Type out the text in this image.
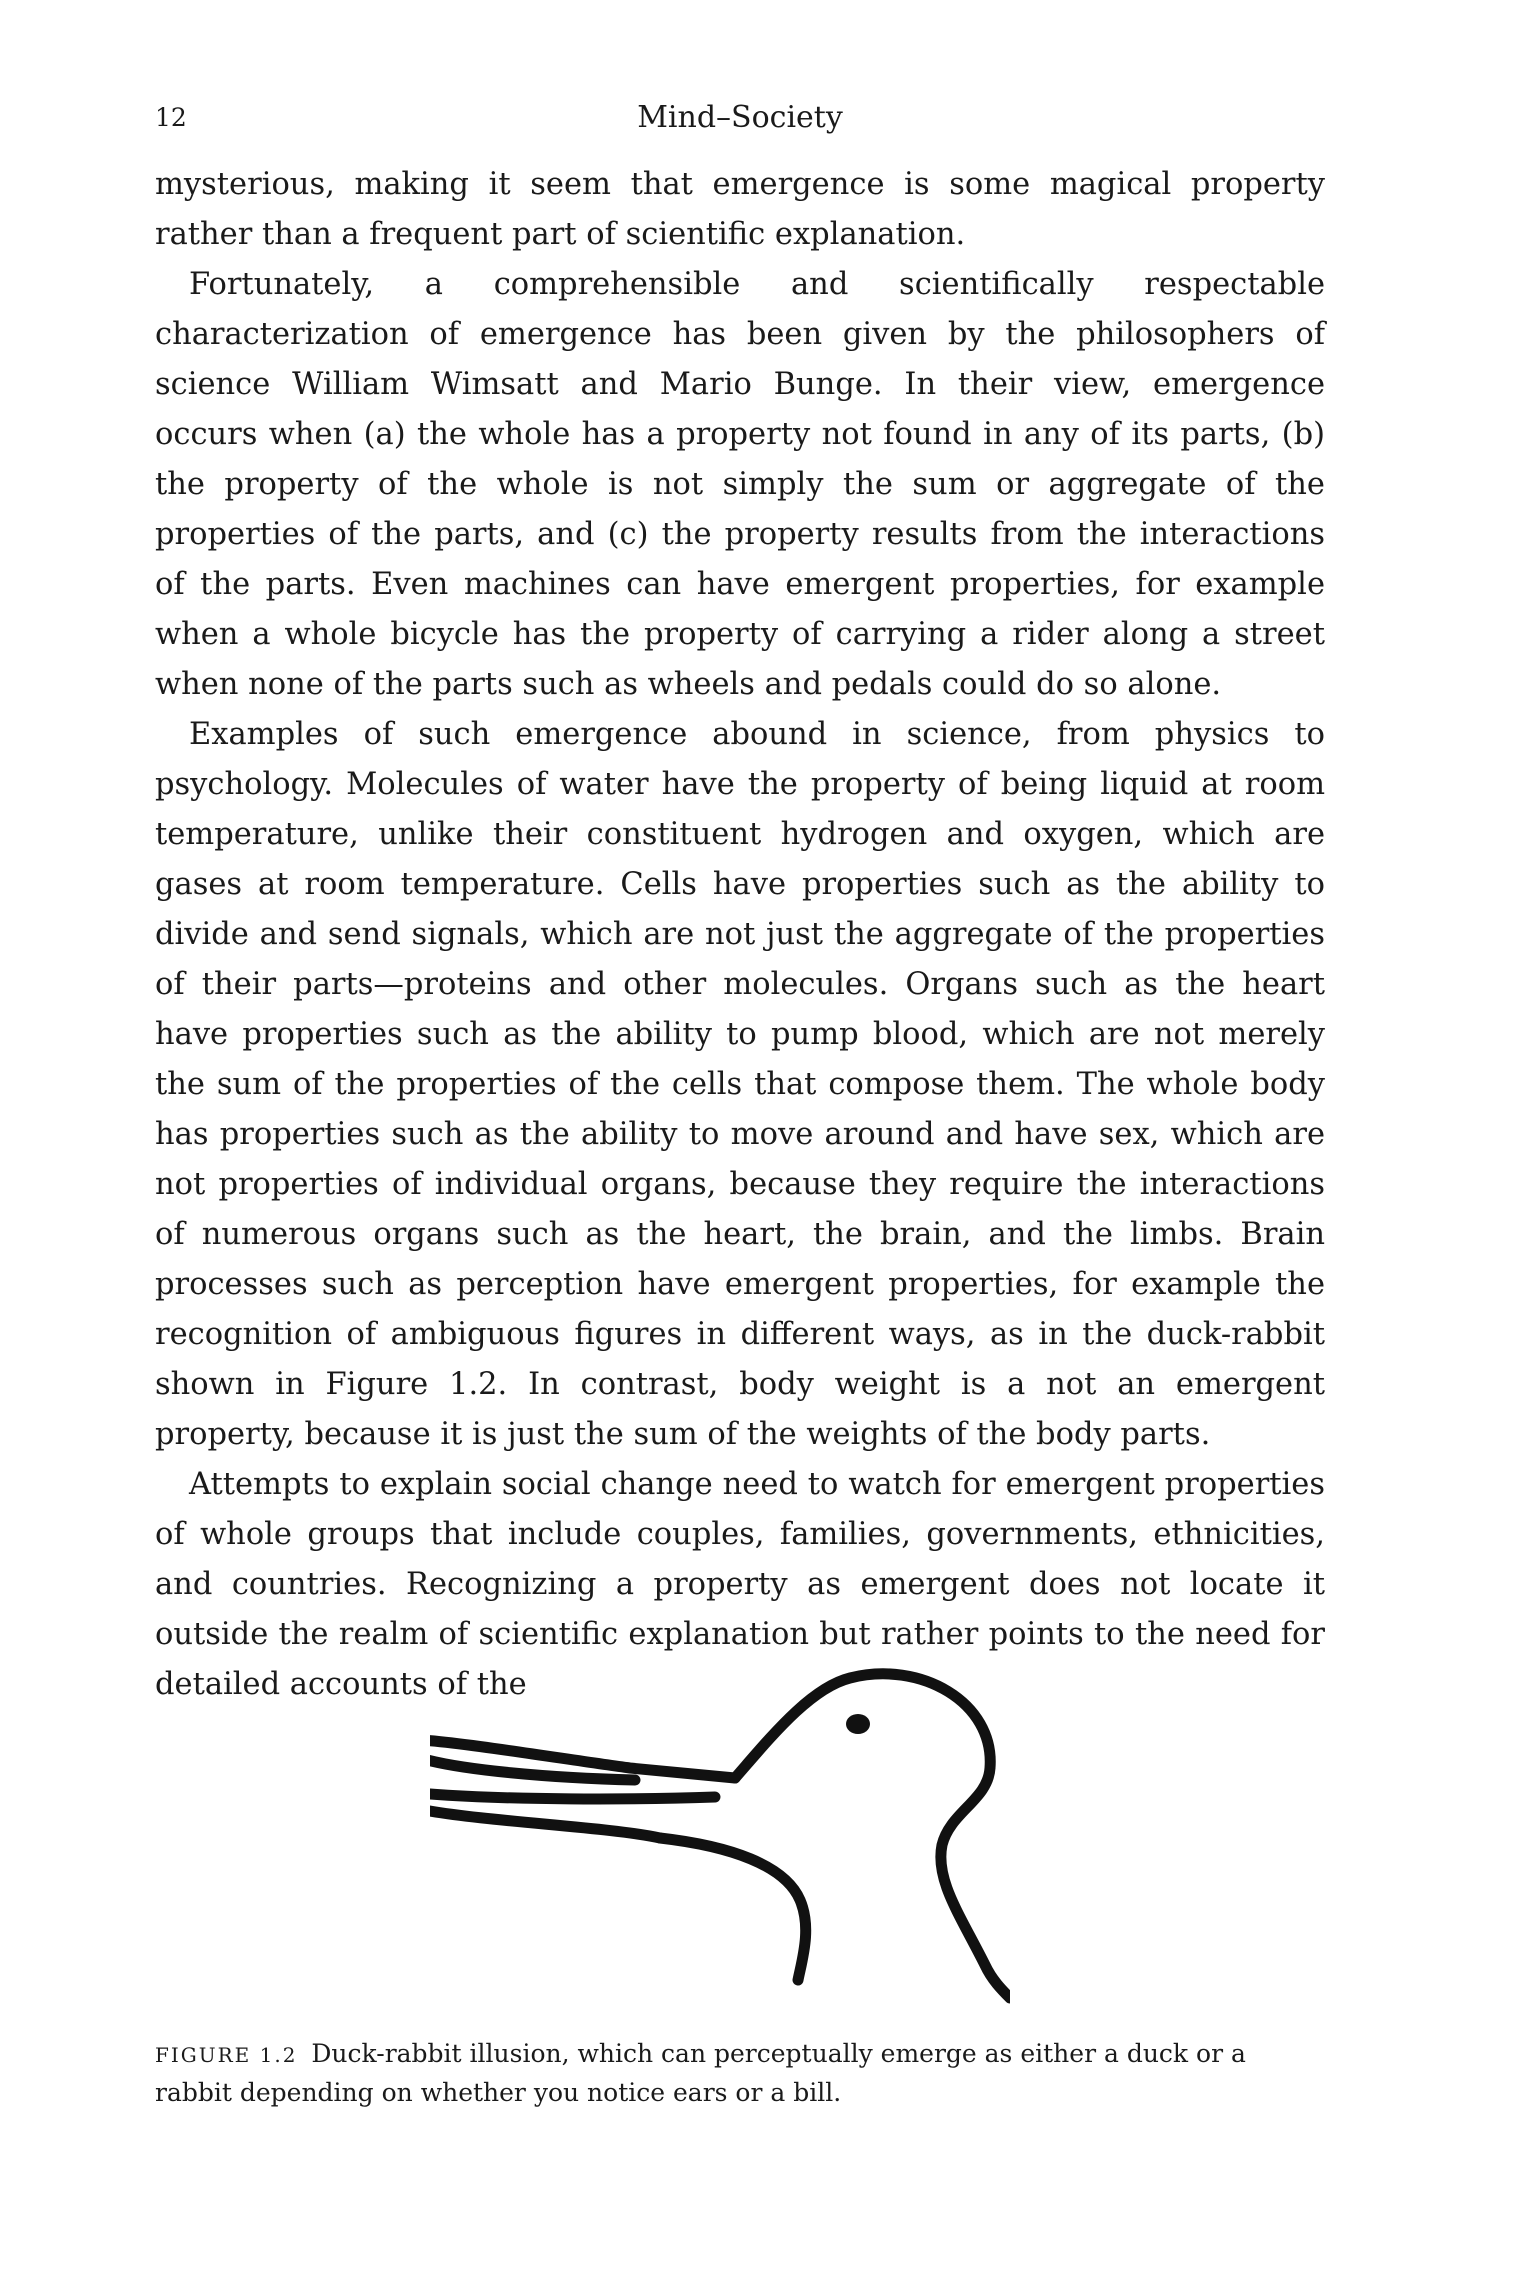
12	Mind–Society

mysterious, making it seem that emergence is some magical property rather than a frequent part of scientific explanation.

Fortunately, a comprehensible and scientifically respectable characterization of emergence has been given by the philosophers of science William Wimsatt and Mario Bunge. In their view, emergence occurs when (a) the whole has a property not found in any of its parts, (b) the property of the whole is not simply the sum or aggregate of the properties of the parts, and (c) the property results from the interactions of the parts. Even machines can have emergent properties, for example when a whole bicycle has the property of carrying a rider along a street when none of the parts such as wheels and pedals could do so alone.

Examples of such emergence abound in science, from physics to psychology. Molecules of water have the property of being liquid at room temperature, unlike their constituent hydrogen and oxygen, which are gases at room temperature. Cells have properties such as the ability to divide and send signals, which are not just the aggregate of the properties of their parts—proteins and other molecules. Organs such as the heart have properties such as the ability to pump blood, which are not merely the sum of the properties of the cells that compose them. The whole body has properties such as the ability to move around and have sex, which are not properties of individual organs, because they require the interactions of numerous organs such as the heart, the brain, and the limbs. Brain processes such as perception have emergent properties, for example the recognition of ambiguous figures in different ways, as in the duck-rabbit shown in Figure 1.2. In contrast, body weight is a not an emergent property, because it is just the sum of the weights of the body parts.

Attempts to explain social change need to watch for emergent properties of whole groups that include couples, families, governments, ethnicities, and countries. Recognizing a property as emergent does not locate it outside the realm of scientific explanation but rather points to the need for detailed accounts of the

FIGURE 1.2 Duck-rabbit illusion, which can perceptually emerge as either a duck or a rabbit depending on whether you notice ears or a bill.
